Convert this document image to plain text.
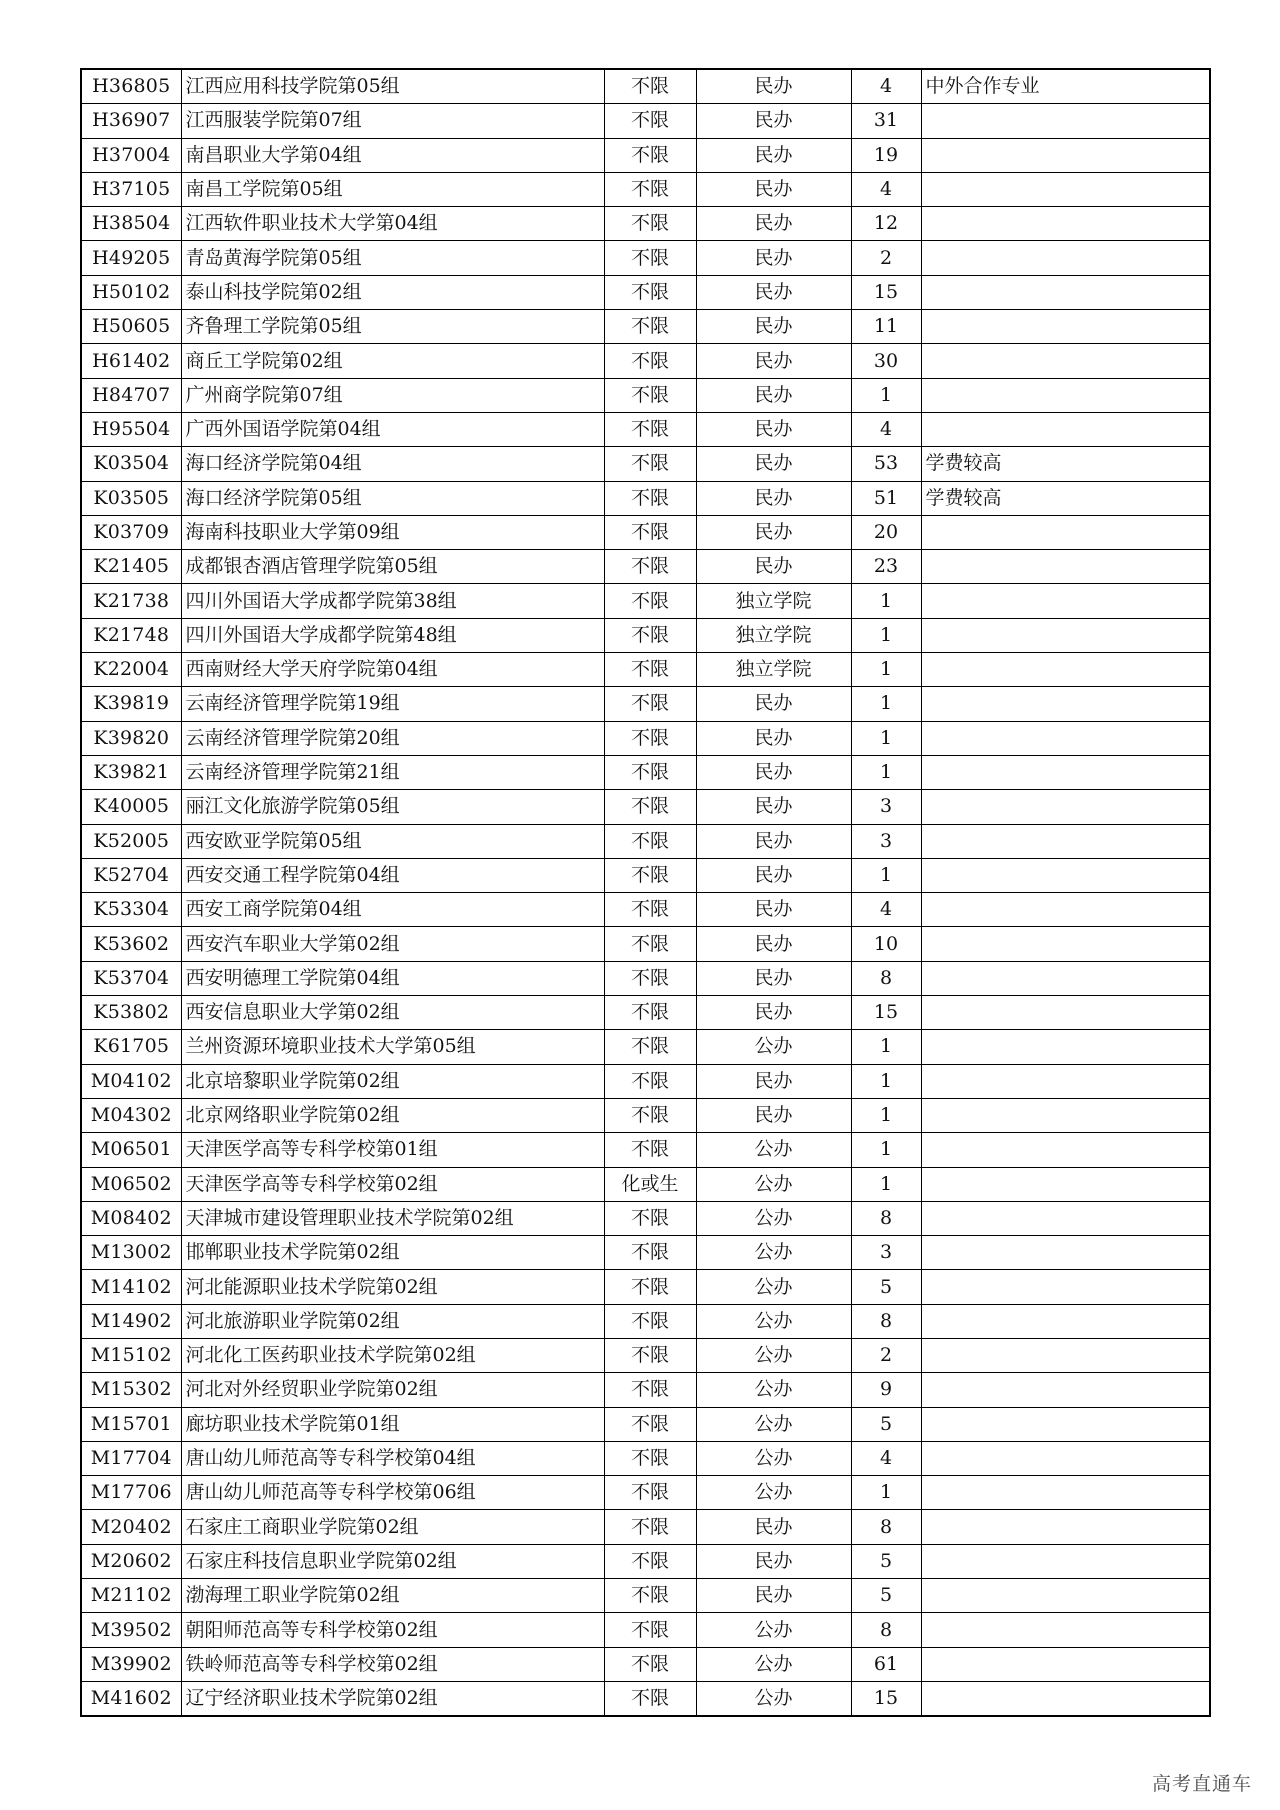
H36805	江西应用科技学院第05组	不限	民办	4	中外合作专业
H36907	江西服装学院第07组	不限	民办	31	
H37004	南昌职业大学第04组	不限	民办	19	
H37105	南昌工学院第05组	不限	民办	4	
H38504	江西软件职业技术大学第04组	不限	民办	12	
H49205	青岛黄海学院第05组	不限	民办	2	
H50102	泰山科技学院第02组	不限	民办	15	
H50605	齐鲁理工学院第05组	不限	民办	11	
H61402	商丘工学院第02组	不限	民办	30	
H84707	广州商学院第07组	不限	民办	1	
H95504	广西外国语学院第04组	不限	民办	4	
K03504	海口经济学院第04组	不限	民办	53	学费较高
K03505	海口经济学院第05组	不限	民办	51	学费较高
K03709	海南科技职业大学第09组	不限	民办	20	
K21405	成都银杏酒店管理学院第05组	不限	民办	23	
K21738	四川外国语大学成都学院第38组	不限	独立学院	1	
K21748	四川外国语大学成都学院第48组	不限	独立学院	1	
K22004	西南财经大学天府学院第04组	不限	独立学院	1	
K39819	云南经济管理学院第19组	不限	民办	1	
K39820	云南经济管理学院第20组	不限	民办	1	
K39821	云南经济管理学院第21组	不限	民办	1	
K40005	丽江文化旅游学院第05组	不限	民办	3	
K52005	西安欧亚学院第05组	不限	民办	3	
K52704	西安交通工程学院第04组	不限	民办	1	
K53304	西安工商学院第04组	不限	民办	4	
K53602	西安汽车职业大学第02组	不限	民办	10	
K53704	西安明德理工学院第04组	不限	民办	8	
K53802	西安信息职业大学第02组	不限	民办	15	
K61705	兰州资源环境职业技术大学第05组	不限	公办	1	
M04102	北京培黎职业学院第02组	不限	民办	1	
M04302	北京网络职业学院第02组	不限	民办	1	
M06501	天津医学高等专科学校第01组	不限	公办	1	
M06502	天津医学高等专科学校第02组	化或生	公办	1	
M08402	天津城市建设管理职业技术学院第02组	不限	公办	8	
M13002	邯郸职业技术学院第02组	不限	公办	3	
M14102	河北能源职业技术学院第02组	不限	公办	5	
M14902	河北旅游职业学院第02组	不限	公办	8	
M15102	河北化工医药职业技术学院第02组	不限	公办	2	
M15302	河北对外经贸职业学院第02组	不限	公办	9	
M15701	廊坊职业技术学院第01组	不限	公办	5	
M17704	唐山幼儿师范高等专科学校第04组	不限	公办	4	
M17706	唐山幼儿师范高等专科学校第06组	不限	公办	1	
M20402	石家庄工商职业学院第02组	不限	民办	8	
M20602	石家庄科技信息职业学院第02组	不限	民办	5	
M21102	渤海理工职业学院第02组	不限	民办	5	
M39502	朝阳师范高等专科学校第02组	不限	公办	8	
M39902	铁岭师范高等专科学校第02组	不限	公办	61	
M41602	辽宁经济职业技术学院第02组	不限	公办	15	
高考直通车
